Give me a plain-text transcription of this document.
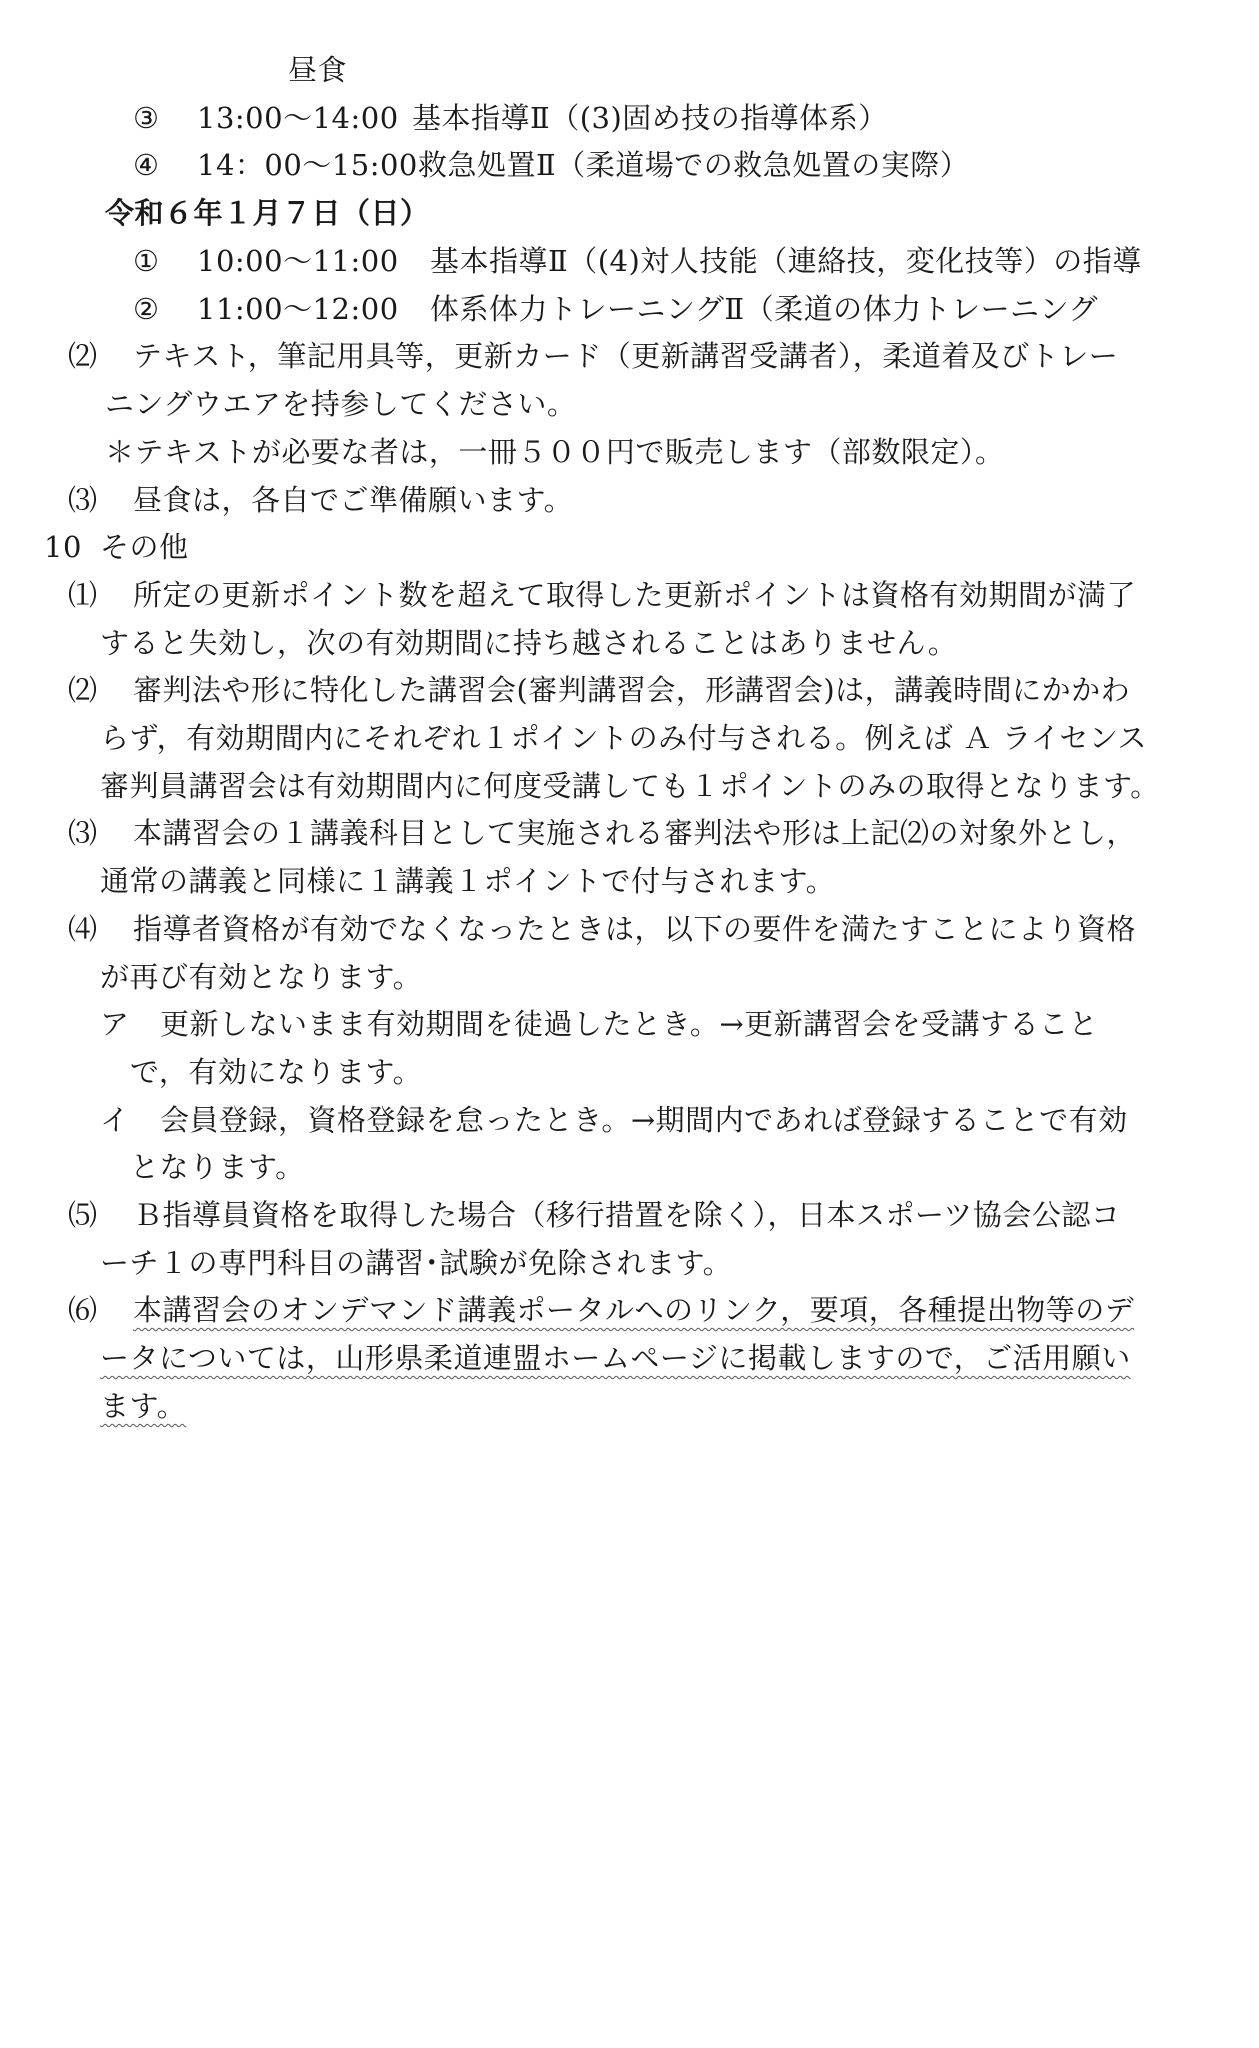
昼食
③ 13:00〜14:00 基本指導Ⅱ（(3)固め技の指導体系）
④ 14：00〜15:00 救急処置Ⅱ（柔道場での救急処置の実際）
令和６年１月７日（日）
① 10:00〜11:00 基本指導Ⅱ（(4)対人技能（連絡技，変化技等）の指導
② 11:00〜12:00 体系体力トレーニングⅡ（柔道の体力トレーニング
⑵ テキスト，筆記用具等，更新カード（更新講習受講者），柔道着及びトレー
ニングウエアを持参してください。
＊テキストが必要な者は，一冊５００円で販売します（部数限定）。
⑶ 昼食は，各自でご準備願います。
10 その他
⑴ 所定の更新ポイント数を超えて取得した更新ポイントは資格有効期間が満了
すると失効し，次の有効期間に持ち越されることはありません。
⑵ 審判法や形に特化した講習会(審判講習会，形講習会)は，講義時間にかかわ
らず，有効期間内にそれぞれ１ポイントのみ付与される。例えば Ａ ライセンス
審判員講習会は有効期間内に何度受講しても１ポイントのみの取得となります。
⑶ 本講習会の１講義科目として実施される審判法や形は上記⑵の対象外とし，
通常の講義と同様に１講義１ポイントで付与されます。
⑷ 指導者資格が有効でなくなったときは，以下の要件を満たすことにより資格
が再び有効となります。
ア 更新しないまま有効期間を徒過したとき。→更新講習会を受講すること
で，有効になります。
イ 会員登録，資格登録を怠ったとき。→期間内であれば登録することで有効
となります。
⑸ Ｂ指導員資格を取得した場合（移行措置を除く），日本スポーツ協会公認コ
ーチ１の専門科目の講習･試験が免除されます。
⑹ 本講習会のオンデマンド講義ポータルへのリンク，要項，各種提出物等のデ
ータについては，山形県柔道連盟ホームページに掲載しますので，ご活用願い
ます。
